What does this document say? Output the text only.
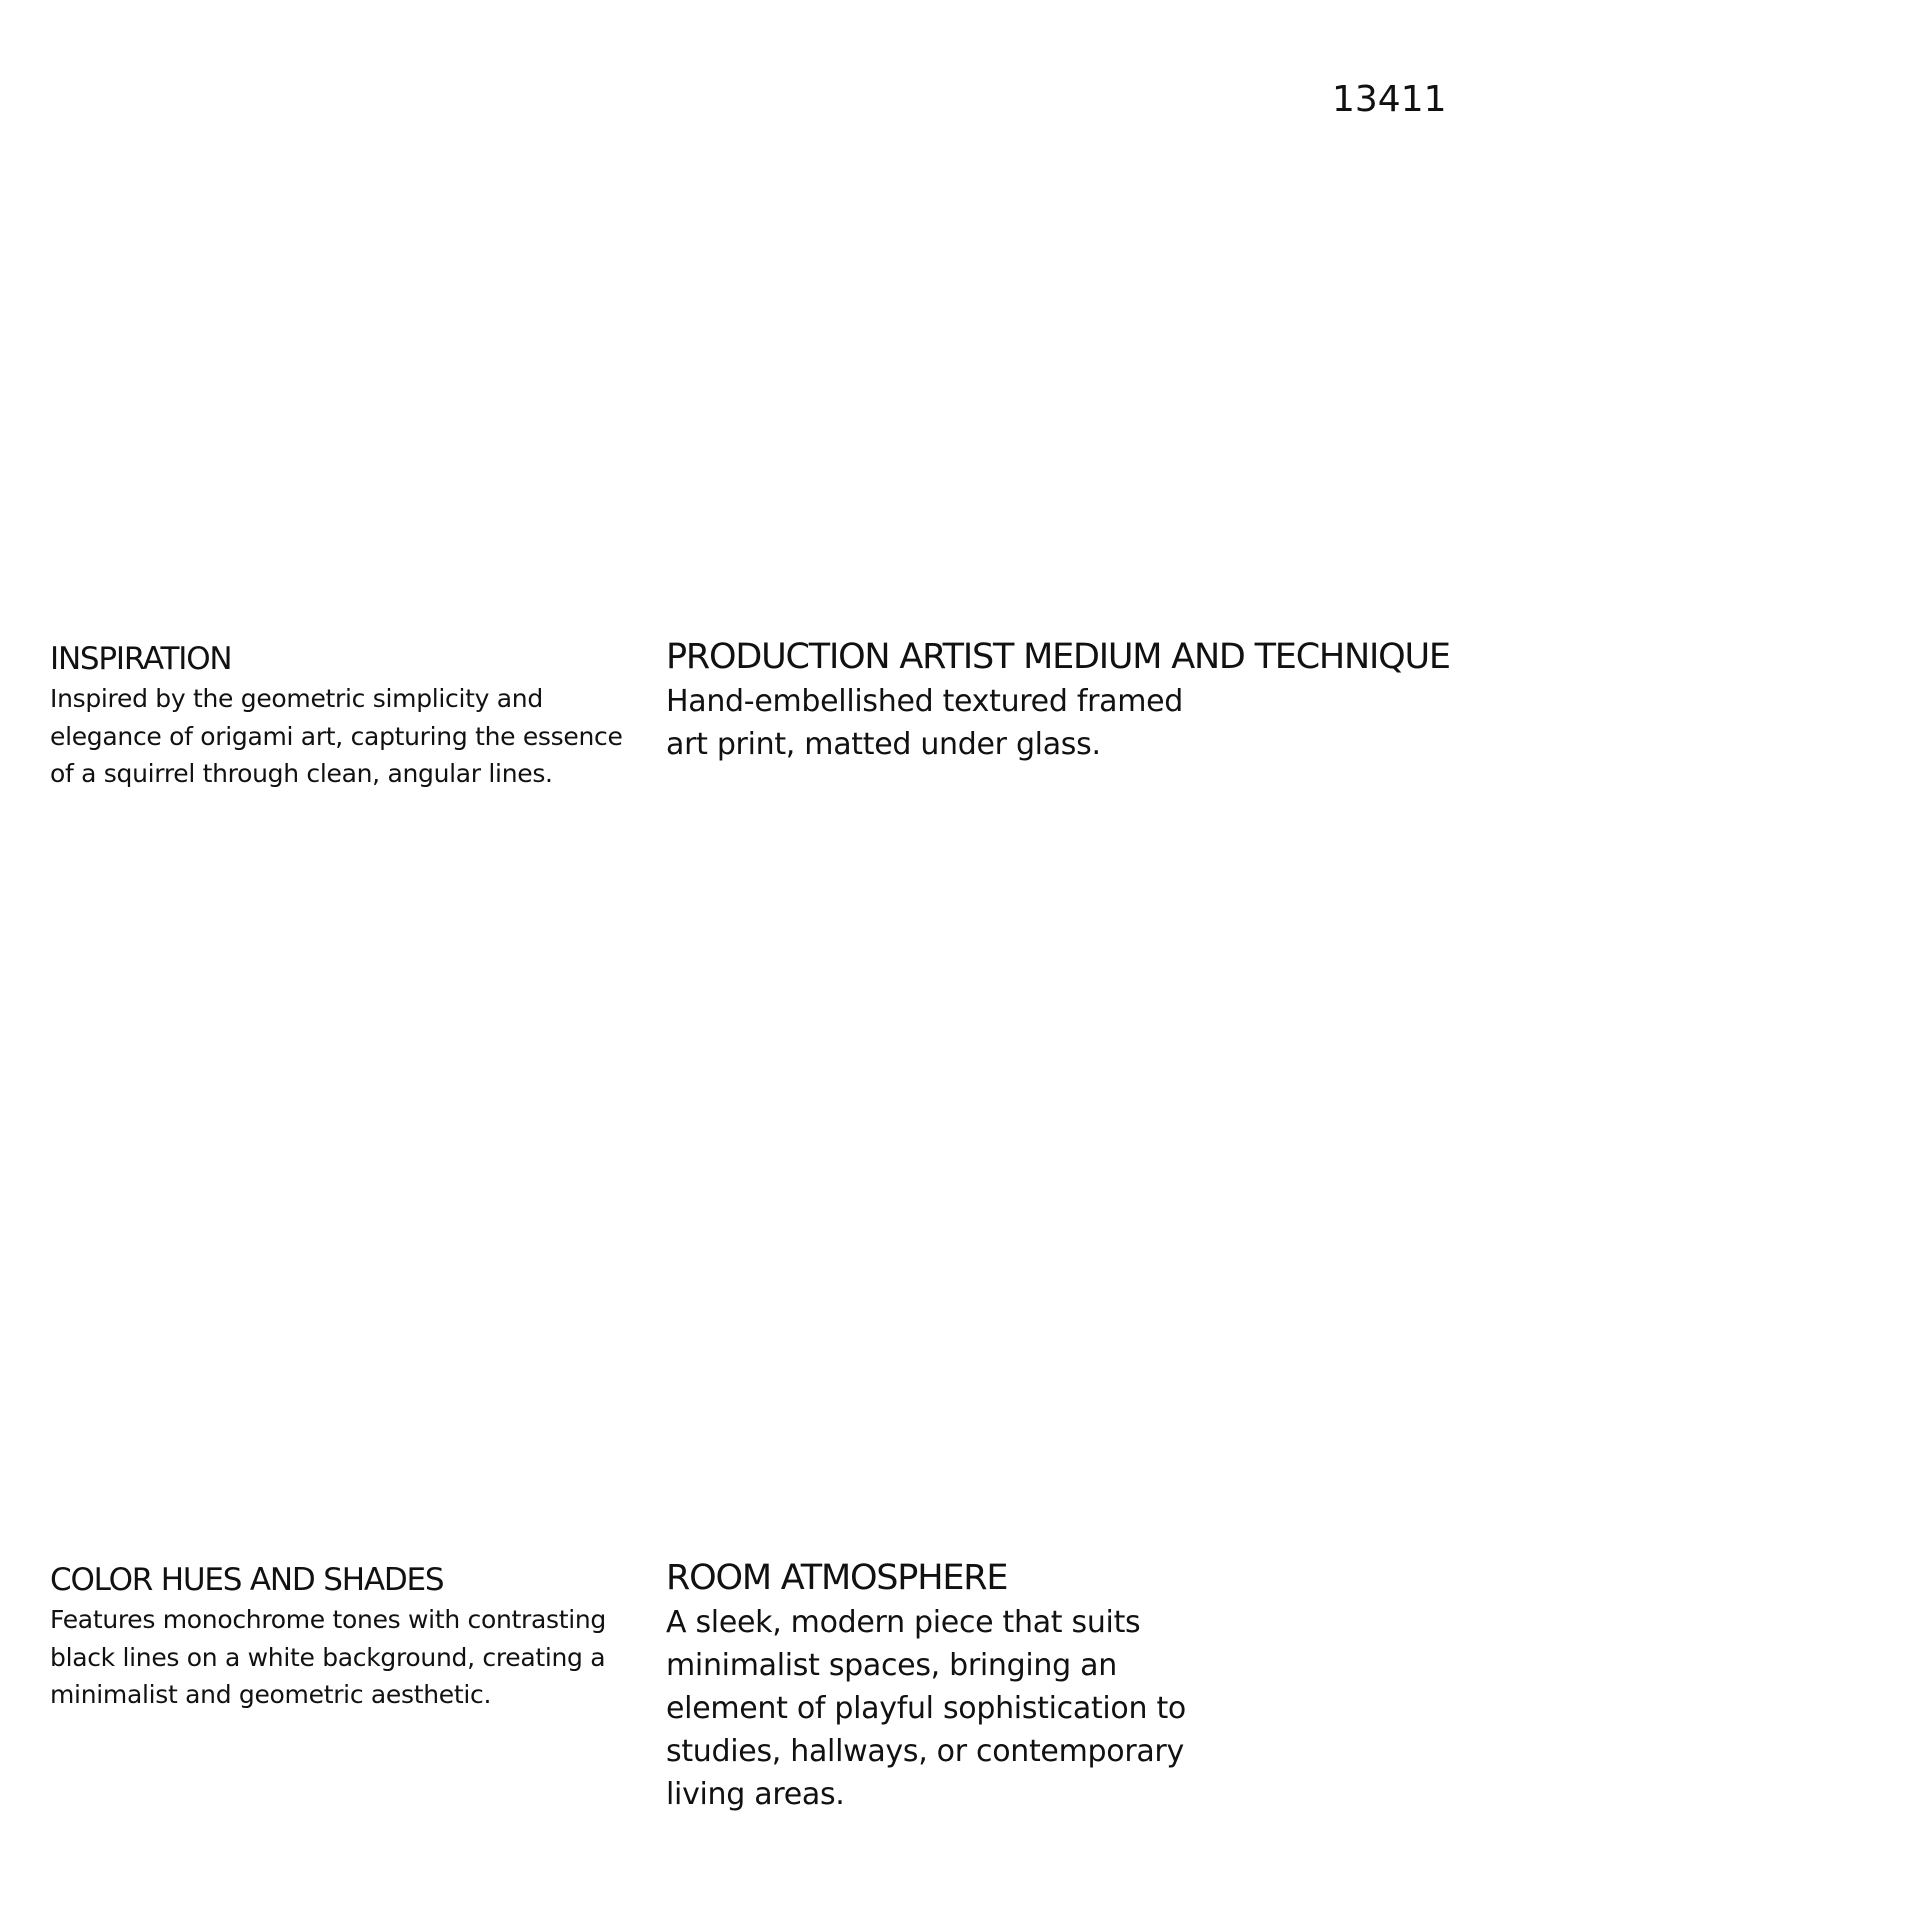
13411
INSPIRATION

Inspired by the geometric simplicity and elegance of origami art, capturing the essence of a squirrel through clean, angular lines.

PRODUCTION ARTIST MEDIUM AND TECHNIQUE

Hand-embellished textured framed art print, matted under glass.

COLOR HUES AND SHADES

Features monochrome tones with contrasting black lines on a white background, creating a minimalist and geometric aesthetic.

ROOM ATMOSPHERE

A sleek, modern piece that suits minimalist spaces, bringing an element of playful sophistication to studies, hallways, or contemporary living areas.
